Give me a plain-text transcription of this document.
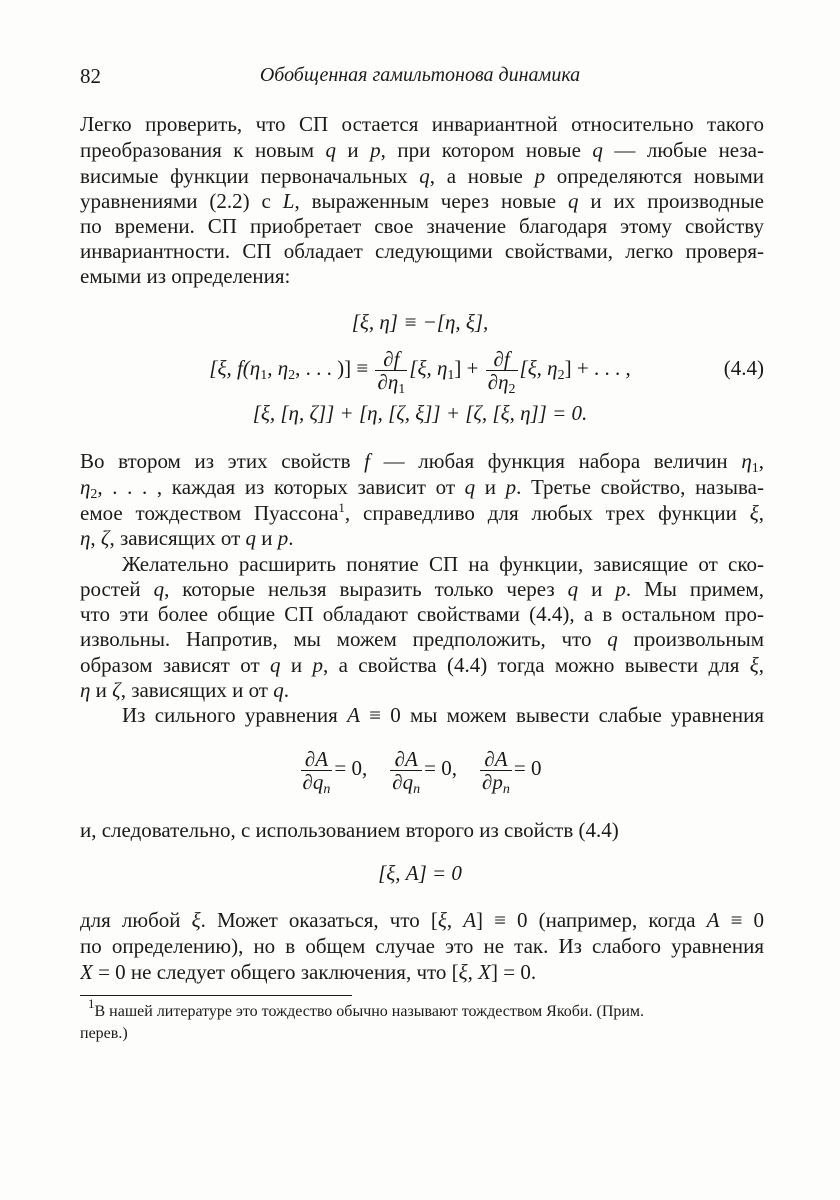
82	Обобщенная гамильтонова динамика
Легко проверить, что СП остается инвариантной относительно такого
преобразования к новым q и p, при котором новые q — любые неза-
висимые функции первоначальных q, а новые p определяются новыми
уравнениями (2.2) с L, выраженным через новые q и их производные
по времени. СП приобретает свое значение благодаря этому свойству
инвариантности. СП обладает следующими свойствами, легко проверя-
емыми из определения:
[ξ, η] ≡ −[η, ξ],
[ξ, $f(\eta_1$, $\eta_2$, . . . )] ≡ $\frac{\partial f}{\partial\eta_1} [\xi$, $\eta_1] + \frac{\partial f}{\partial\eta_2} [\xi$, $\eta_2$] + . . . ,	(4.4)
[ξ, [η, ζ]] + [η, [ζ, ξ]] + [ζ, [ξ, η]] = 0.
Во втором из этих свойств f — любая функция набора величин $\eta_1$,
$\eta_2$, . . . , каждая из которых зависит от q и p. Третье свойство, называ-
емое тождеством Пуассона$^1$, справедливо для любых трех функции ξ,
η, ζ, зависящих от q и p.
Желательно расширить понятие СП на функции, зависящие от ско-
ростей q ˙, которые нельзя выразить только через q и p. Мы примем,
что эти более общие СП обладают свойствами (4.4), а в остальном про-
извольны. Напротив, мы можем предположить, что q ˙ произвольным
образом зависят от q и p, а свойства (4.4) тогда можно вывести для ξ,
η и ζ, зависящих и от q ˙.
Из сильного уравнения A ≡ 0 мы можем вывести слабые уравнения
$\frac{\partial A}{\partial q_n} = 0$, $\frac{\partial A}{\partial q ˙_n} = 0$, $\frac{\partial A}{\partial p_n} = 0$
и, следовательно, с использованием второго из свойств (4.4)
[ξ, A] = 0
для любой ξ. Может оказаться, что [ξ, A] ≡ 0 (например, когда A ≡ 0
по определению), но в общем случае это не так. Из слабого уравнения
X = 0 не следует общего заключения, что [ξ, X] = 0.
$^1$В нашей литературе это тождество обычно называют тождеством Якоби. (Прим.
перев.)
